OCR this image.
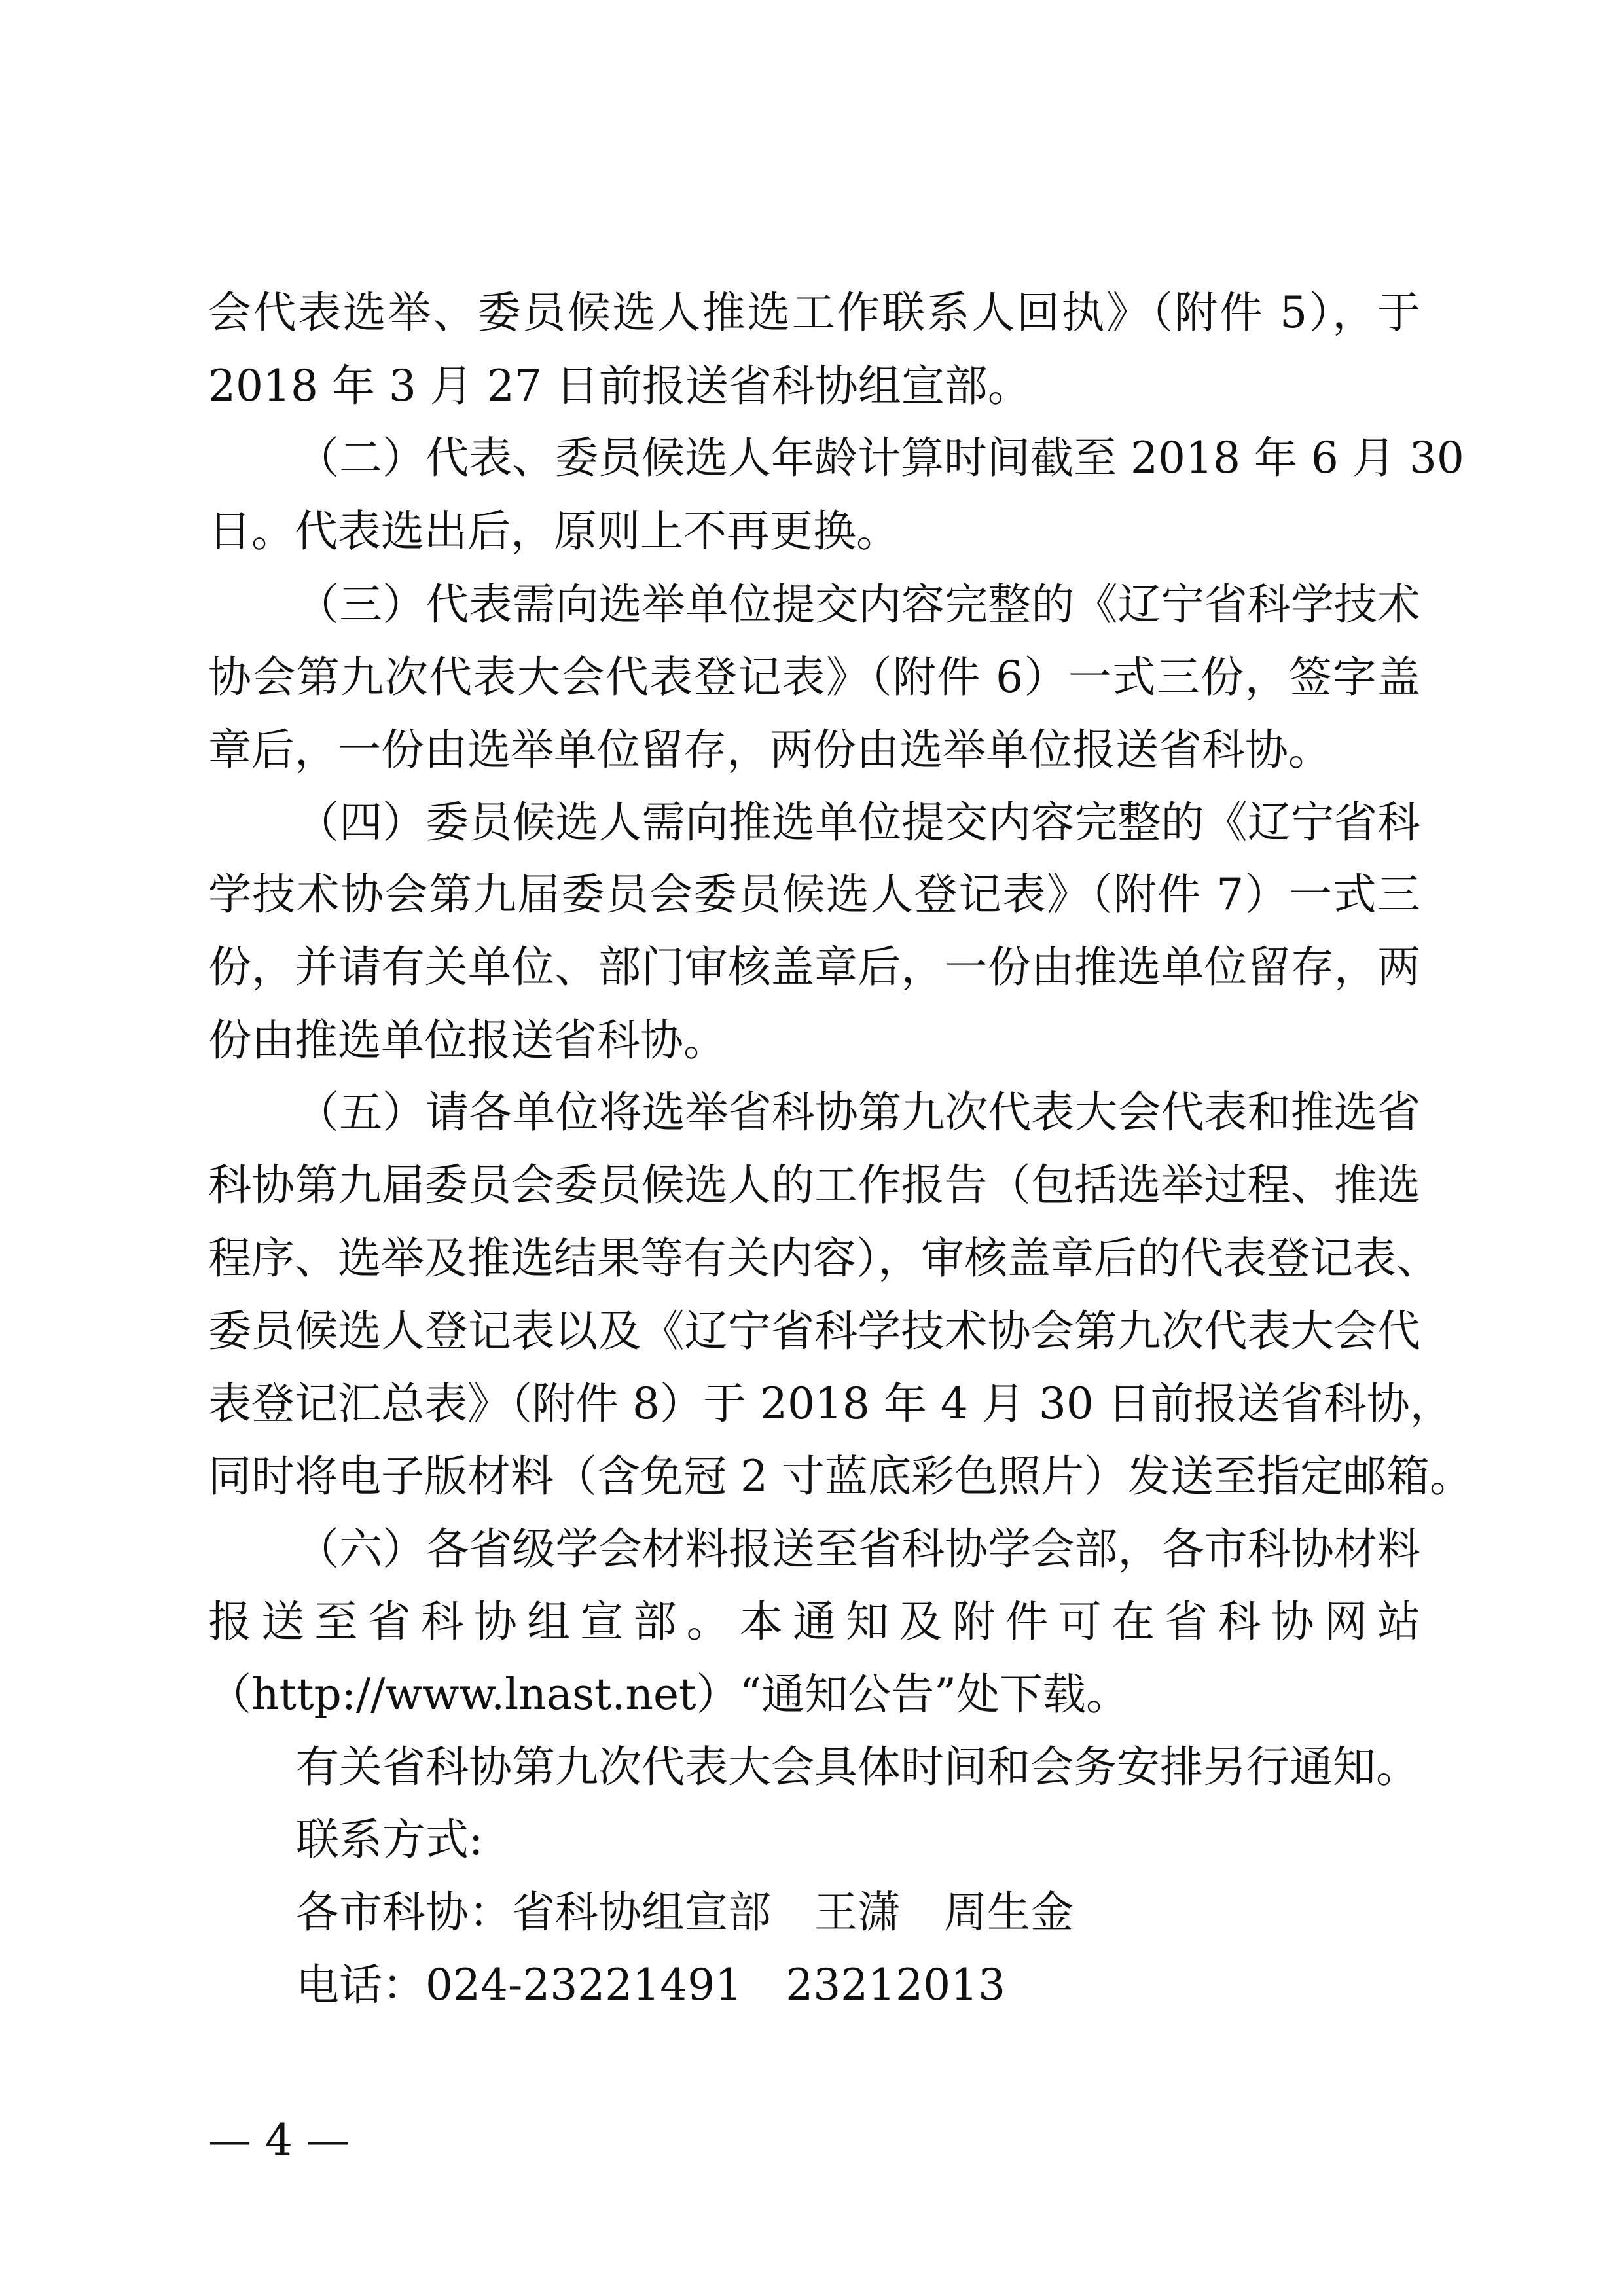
会代表选举、委员候选人推选工作联系人回执》（附件 5），于
2018 年 3 月 27 日前报送省科协组宣部。
（二）代表、委员候选人年龄计算时间截至 2018 年 6 月 30
日。代表选出后，原则上不再更换。
（三）代表需向选举单位提交内容完整的《辽宁省科学技术
协会第九次代表大会代表登记表》（附件 6）一式三份，签字盖
章后，一份由选举单位留存，两份由选举单位报送省科协。
（四）委员候选人需向推选单位提交内容完整的《辽宁省科
学技术协会第九届委员会委员候选人登记表》（附件 7）一式三
份，并请有关单位、部门审核盖章后，一份由推选单位留存，两
份由推选单位报送省科协。
（五）请各单位将选举省科协第九次代表大会代表和推选省
科协第九届委员会委员候选人的工作报告（包括选举过程、推选
程序、选举及推选结果等有关内容），审核盖章后的代表登记表、
委员候选人登记表以及《辽宁省科学技术协会第九次代表大会代
表登记汇总表》（附件 8）于 2018 年 4 月 30 日前报送省科协，
同时将电子版材料（含免冠 2 寸蓝底彩色照片）发送至指定邮箱。
（六）各省级学会材料报送至省科协学会部，各市科协材料
报送至省科协组宣部。本通知及附件可在省科协网站
（http://www.lnast.net）“通知公告”处下载。
有关省科协第九次代表大会具体时间和会务安排另行通知。
联系方式:
各市科协：省科协组宣部　王潇　周生金
电话：024-23221491　23212013
— 4 —
